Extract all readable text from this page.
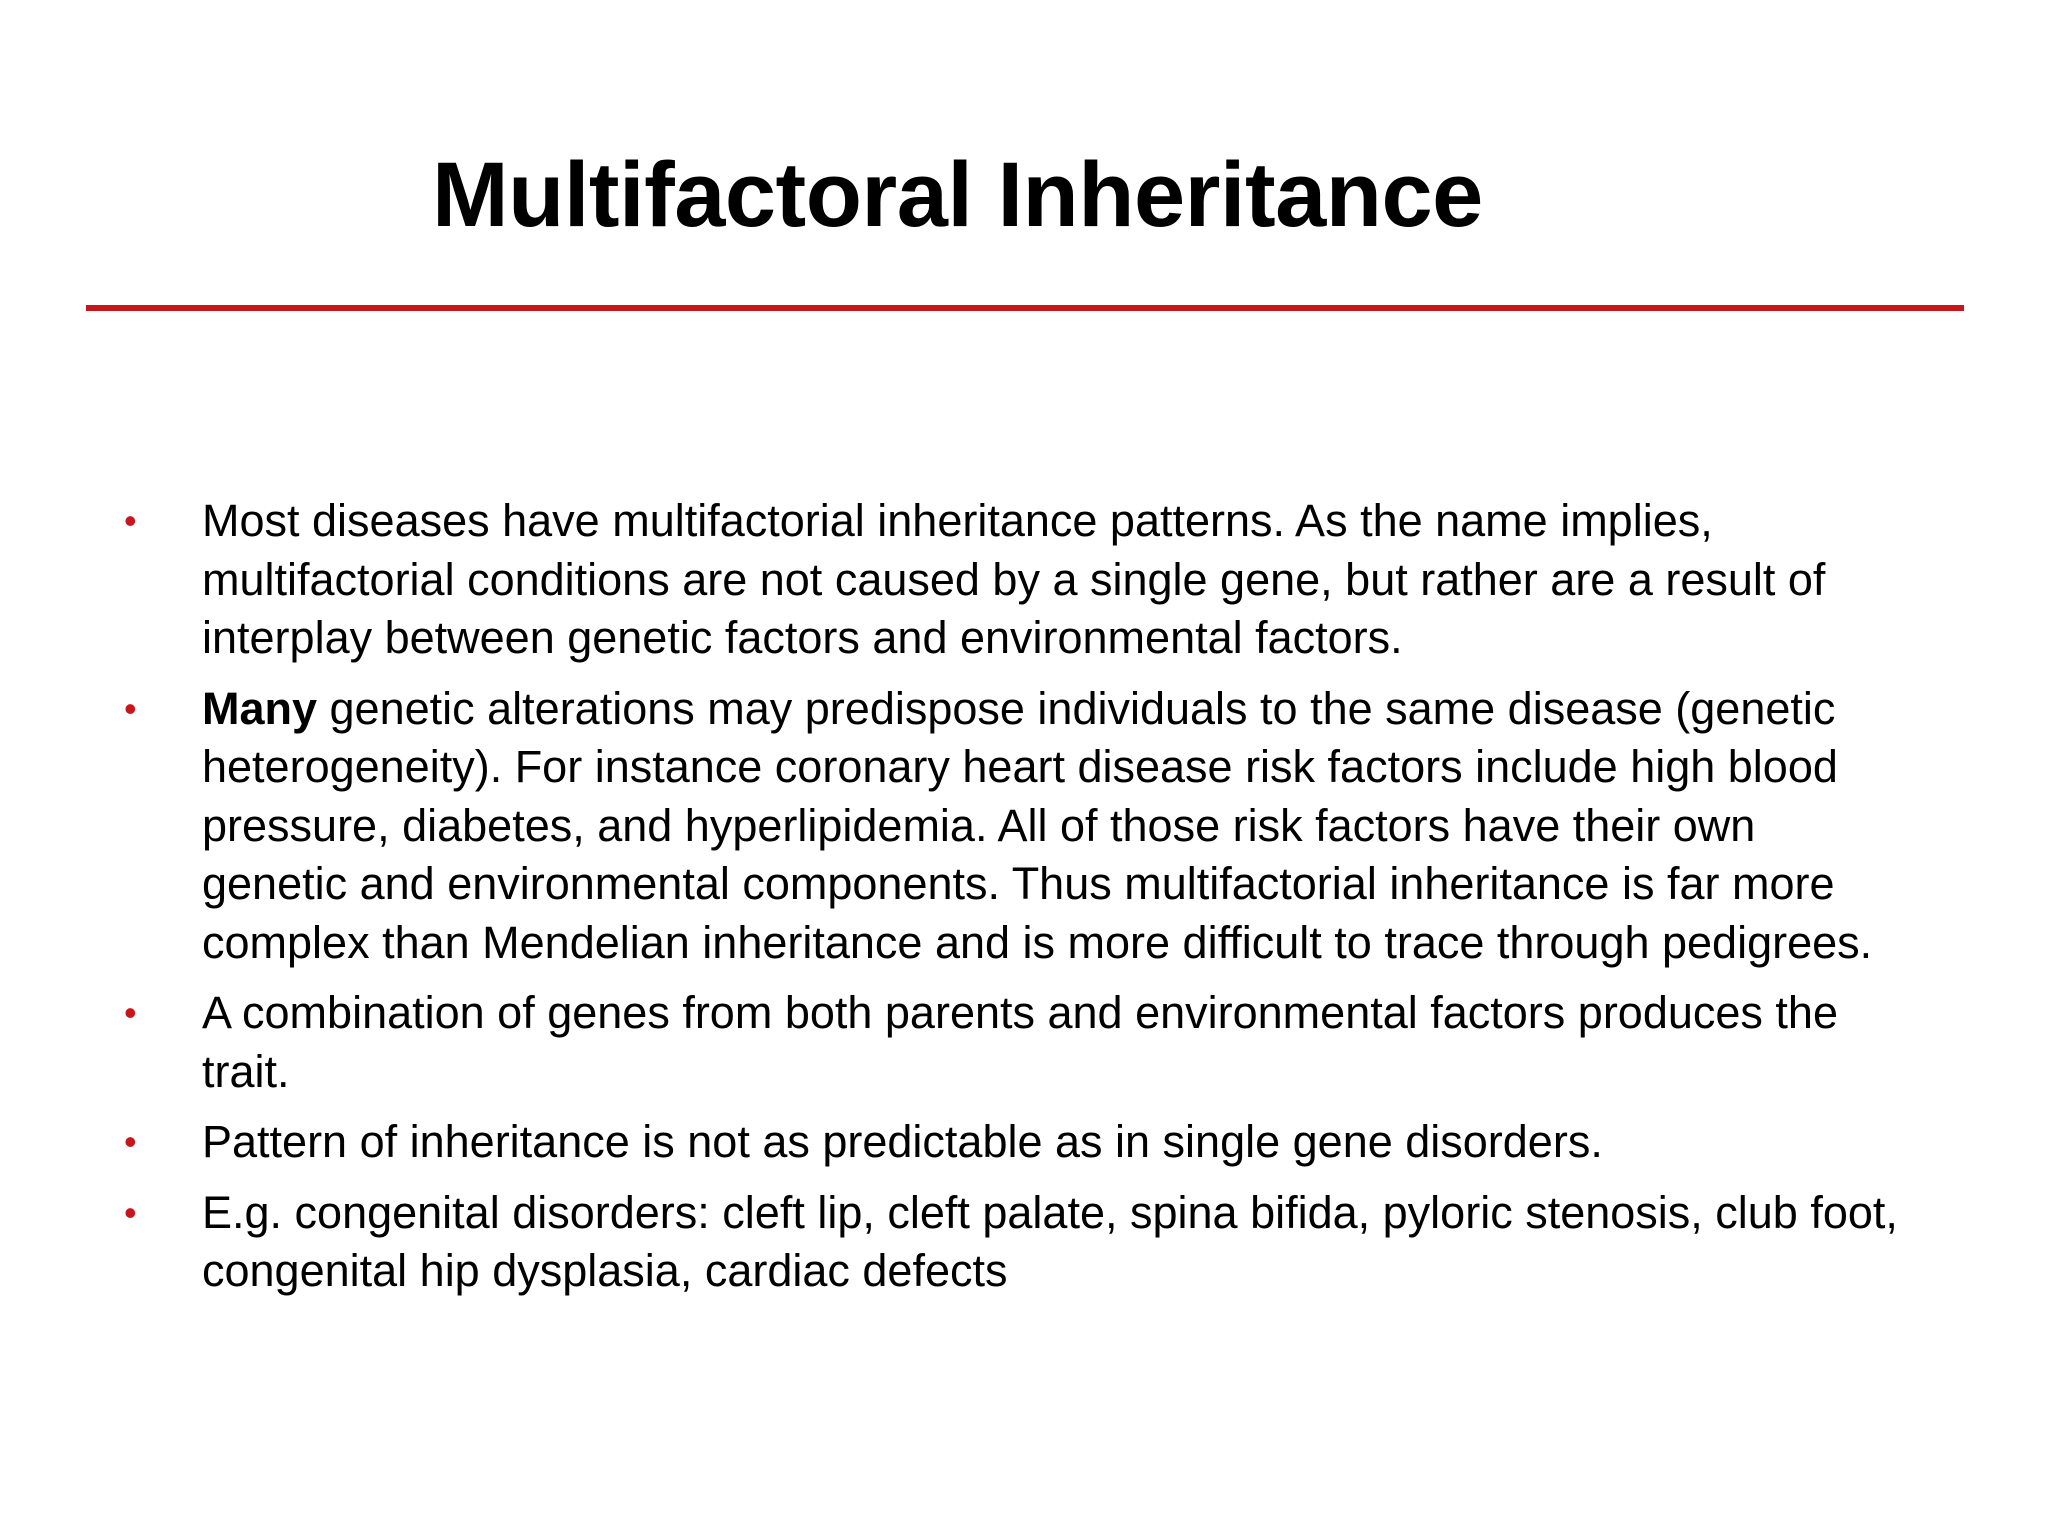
Multifactoral Inheritance
• Most diseases have multifactorial inheritance patterns. As the name implies, multifactorial conditions are not caused by a single gene, but rather are a result of interplay between genetic factors and environmental factors.
• Many genetic alterations may predispose individuals to the same disease (genetic heterogeneity). For instance coronary heart disease risk factors include high blood pressure, diabetes, and hyperlipidemia. All of those risk factors have their own genetic and environmental components. Thus multifactorial inheritance is far more complex than Mendelian inheritance and is more difficult to trace through pedigrees.
• A combination of genes from both parents and environmental factors produces the trait.
• Pattern of inheritance is not as predictable as in single gene disorders.
• E.g. congenital disorders: cleft lip, cleft palate, spina bifida, pyloric stenosis, club foot, congenital hip dysplasia, cardiac defects
